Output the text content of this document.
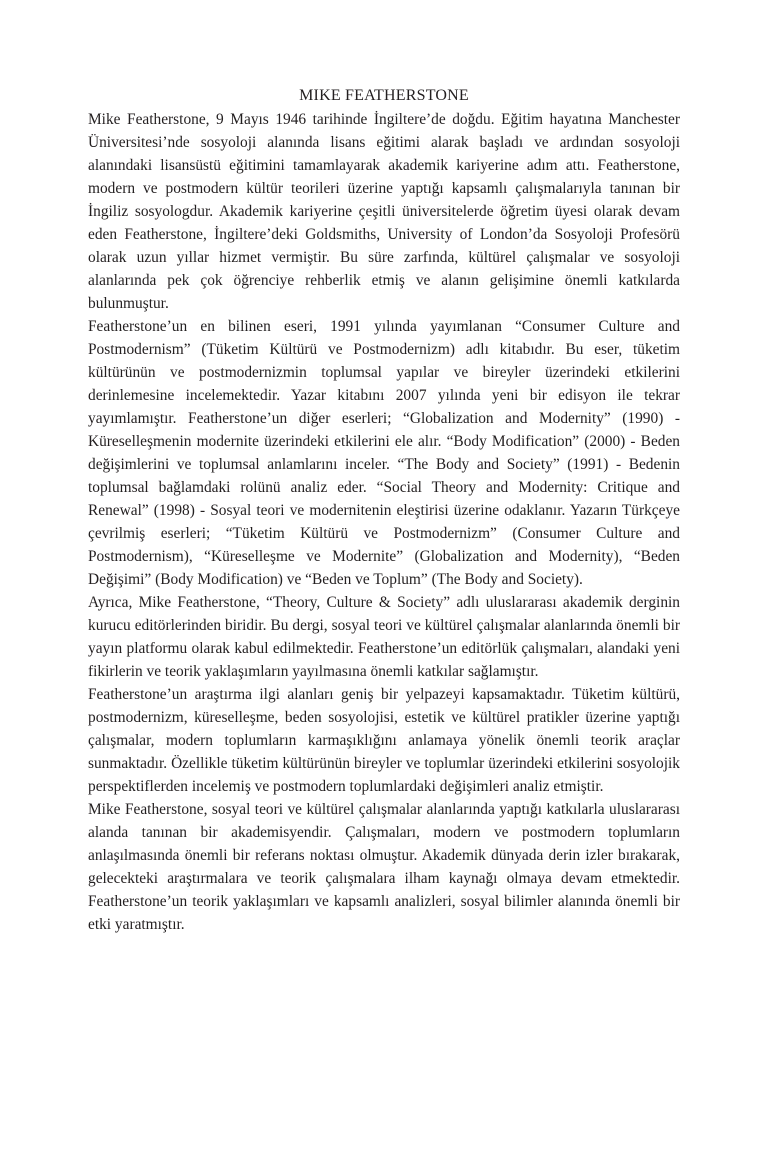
MIKE FEATHERSTONE

Mike Featherstone, 9 Mayıs 1946 tarihinde İngiltere’de doğdu. Eğitim hayatına Manchester Üniversitesi’nde sosyoloji alanında lisans eğitimi alarak başladı ve ardından sosyoloji alanındaki lisansüstü eğitimini tamamlayarak akademik kariyerine adım attı. Featherstone, modern ve postmodern kültür teorileri üzerine yaptığı kapsamlı çalışmalarıyla tanınan bir İngiliz sosyologdur. Akademik kariyerine çeşitli üniversitelerde öğretim üyesi olarak devam eden Featherstone, İngiltere’deki Goldsmiths, University of London’da Sosyoloji Profesörü olarak uzun yıllar hizmet vermiştir. Bu süre zarfında, kültürel çalışmalar ve sosyoloji alanlarında pek çok öğrenciye rehberlik etmiş ve alanın gelişimine önemli katkılarda bulunmuştur.

Featherstone’un en bilinen eseri, 1991 yılında yayımlanan “Consumer Culture and Postmodernism” (Tüketim Kültürü ve Postmodernizm) adlı kitabıdır. Bu eser, tüketim kültürünün ve postmodernizmin toplumsal yapılar ve bireyler üzerindeki etkilerini derinlemesine incelemektedir. Yazar kitabını 2007 yılında yeni bir edisyon ile tekrar yayımlamıştır. Featherstone’un diğer eserleri; “Globalization and Modernity” (1990) - Küreselleşmenin modernite üzerindeki etkilerini ele alır. “Body Modification” (2000) - Beden değişimlerini ve toplumsal anlamlarını inceler. “The Body and Society” (1991) - Bedenin toplumsal bağlamdaki rolünü analiz eder. “Social Theory and Modernity: Critique and Renewal” (1998) - Sosyal teori ve modernitenin eleştirisi üzerine odaklanır. Yazarın Türkçeye çevrilmiş eserleri; “Tüketim Kültürü ve Postmodernizm” (Consumer Culture and Postmodernism), “Küreselleşme ve Modernite” (Globalization and Modernity), “Beden Değişimi” (Body Modification) ve “Beden ve Toplum” (The Body and Society).

Ayrıca, Mike Featherstone, “Theory, Culture & Society” adlı uluslararası akademik derginin kurucu editörlerinden biridir. Bu dergi, sosyal teori ve kültürel çalışmalar alanlarında önemli bir yayın platformu olarak kabul edilmektedir. Featherstone’un editörlük çalışmaları, alandaki yeni fikirlerin ve teorik yaklaşımların yayılmasına önemli katkılar sağlamıştır.

Featherstone’un araştırma ilgi alanları geniş bir yelpazeyi kapsamaktadır. Tüketim kültürü, postmodernizm, küreselleşme, beden sosyolojisi, estetik ve kültürel pratikler üzerine yaptığı çalışmalar, modern toplumların karmaşıklığını anlamaya yönelik önemli teorik araçlar sunmaktadır. Özellikle tüketim kültürünün bireyler ve toplumlar üzerindeki etkilerini sosyolojik perspektiflerden incelemiş ve postmodern toplumlardaki değişimleri analiz etmiştir.

Mike Featherstone, sosyal teori ve kültürel çalışmalar alanlarında yaptığı katkılarla uluslararası alanda tanınan bir akademisyendir. Çalışmaları, modern ve postmodern toplumların anlaşılmasında önemli bir referans noktası olmuştur. Akademik dünyada derin izler bırakarak, gelecekteki araştırmalara ve teorik çalışmalara ilham kaynağı olmaya devam etmektedir. Featherstone’un teorik yaklaşımları ve kapsamlı analizleri, sosyal bilimler alanında önemli bir etki yaratmıştır.
